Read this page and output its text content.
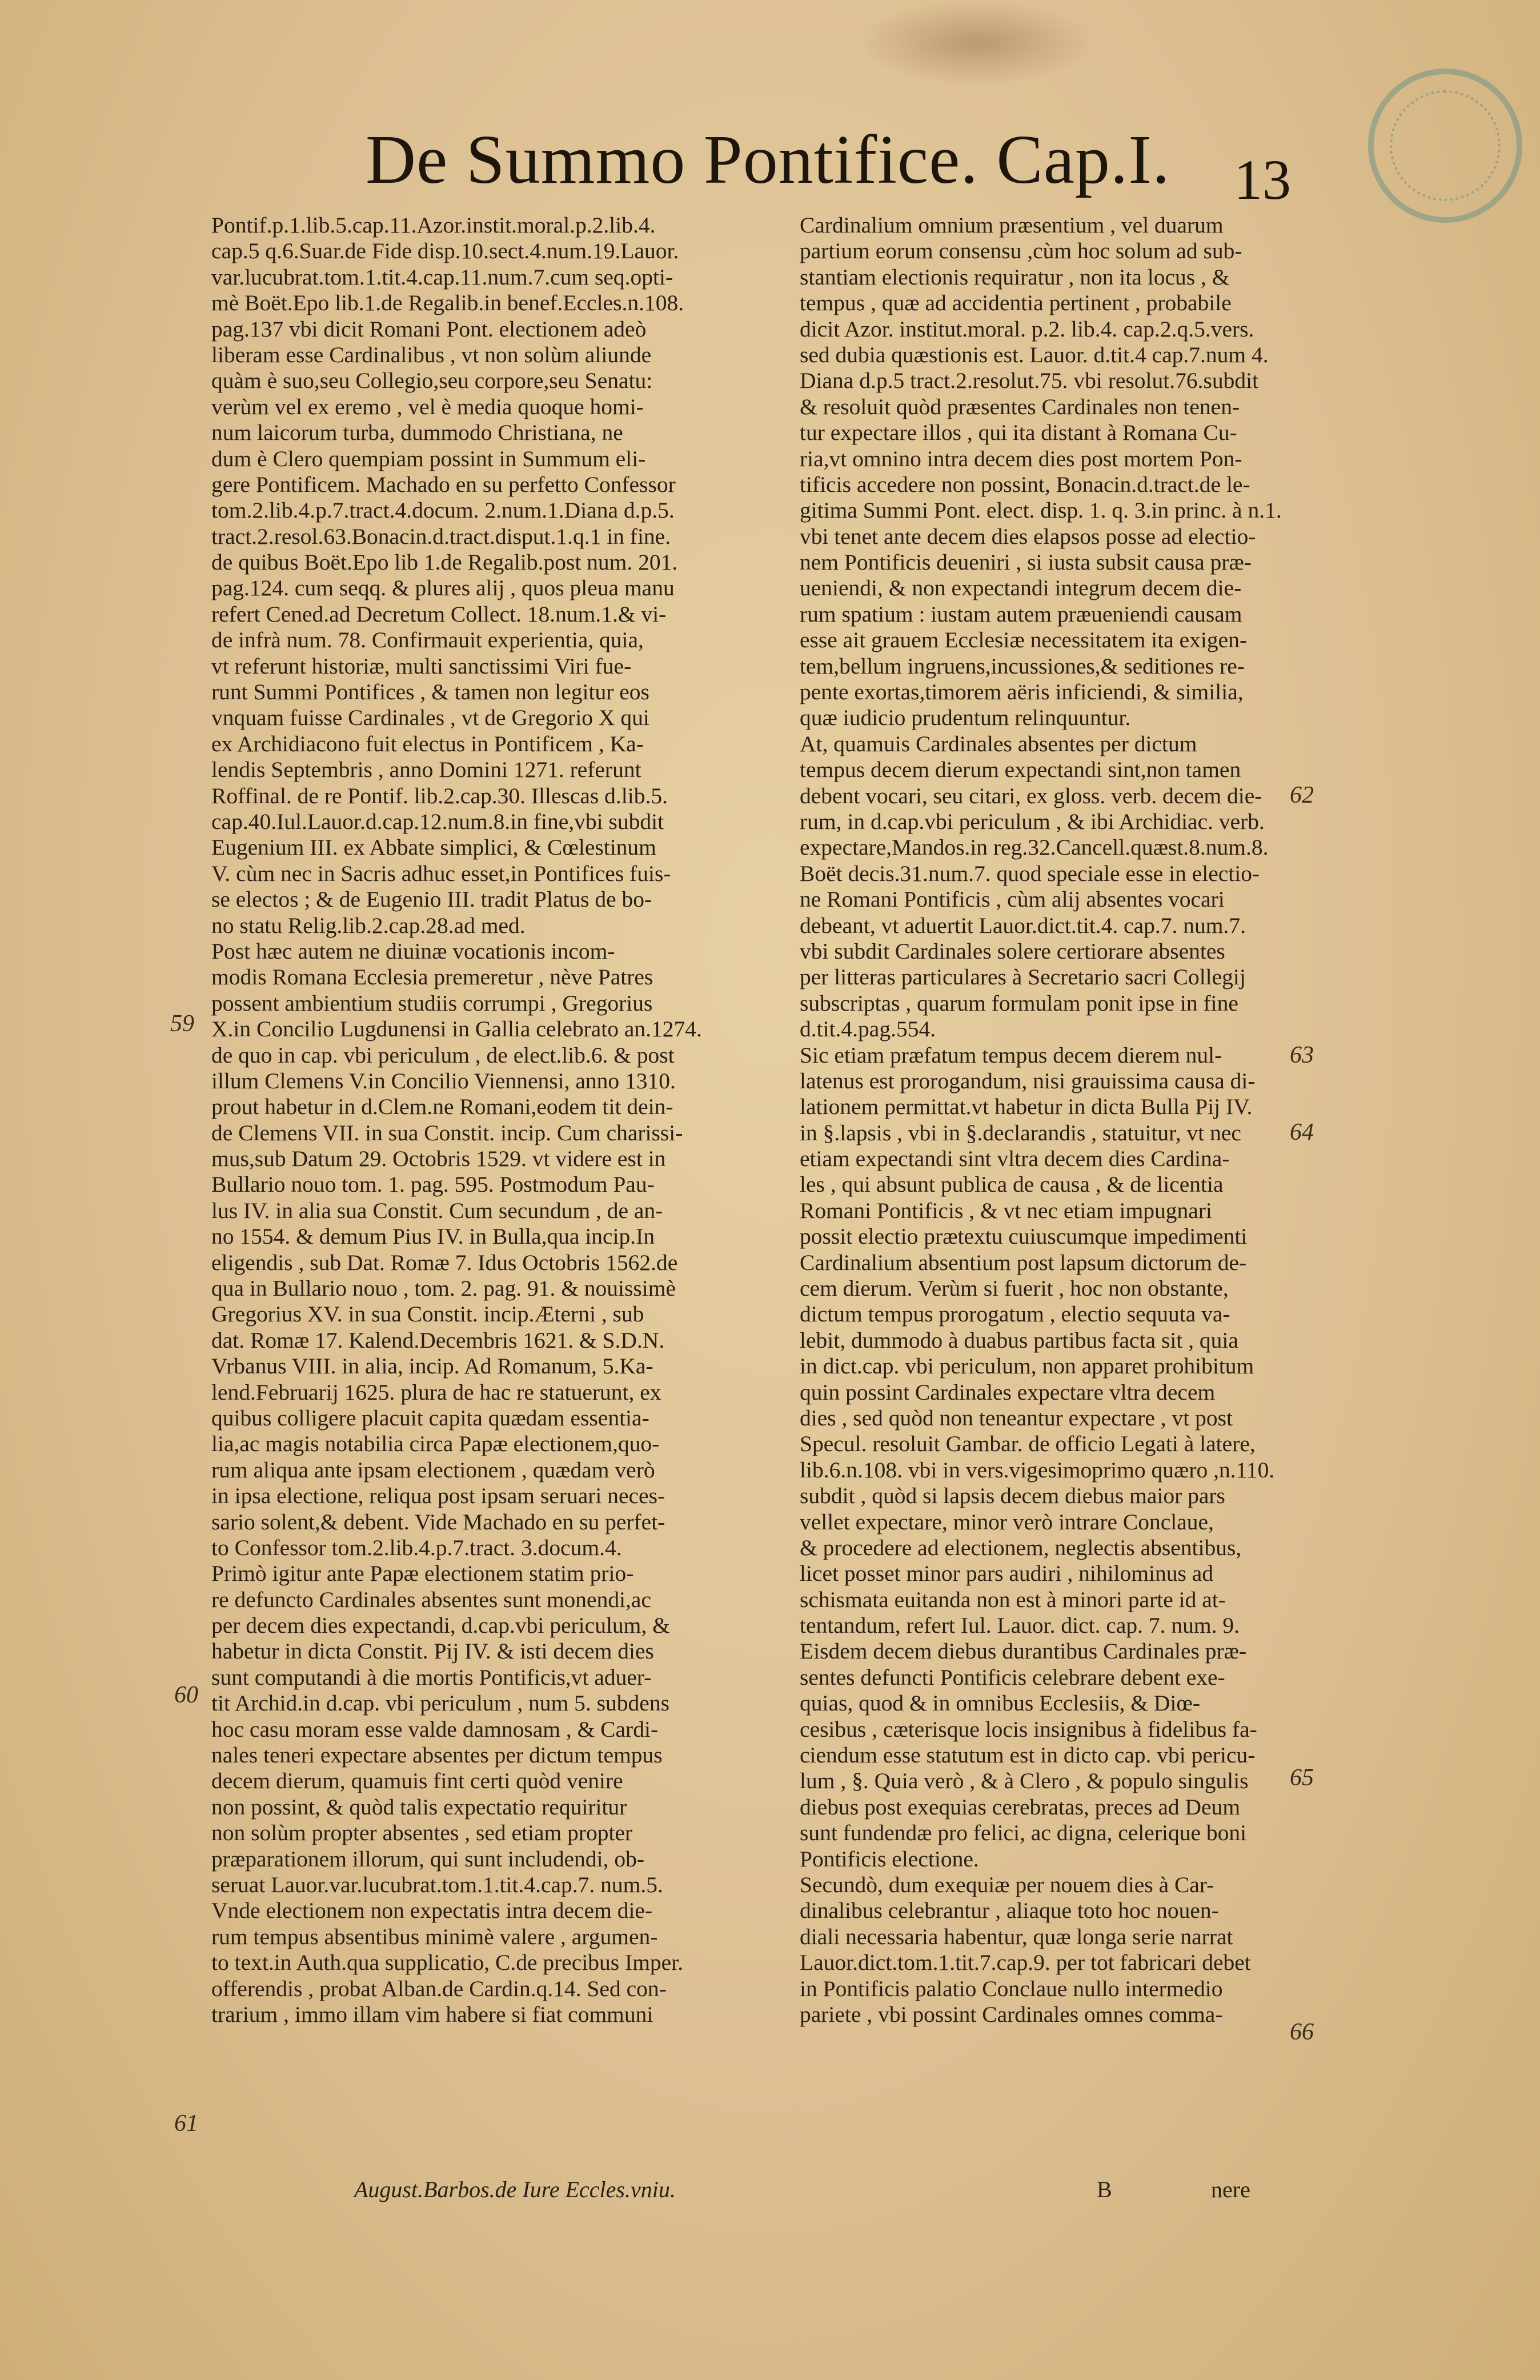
De Summo Pontifice. Cap.I.	13
Pontif.p.1.lib.5.cap.11.Azor.instit.moral.p.2.lib.4.
cap.5 q.6.Suar.de Fide disp.10.sect.4.num.19.Lauor.
var.lucubrat.tom.1.tit.4.cap.11.num.7.cum seq.opti-
mè Boët.Epo lib.1.de Regalib.in benef.Eccles.n.108.
pag.137 vbi dicit Romani Pont. electionem adeò
liberam esse Cardinalibus , vt non solùm aliunde
quàm è suo,seu Collegio,seu corpore,seu Senatu:
verùm vel ex eremo , vel è media quoque homi-
num laicorum turba, dummodo Christiana, ne
dum è Clero quempiam possint in Summum eli-
gere Pontificem. Machado en su perfetto Confessor
tom.2.lib.4.p.7.tract.4.docum. 2.num.1.Diana d.p.5.
tract.2.resol.63.Bonacin.d.tract.disput.1.q.1 in fine.
de quibus Boët.Epo lib 1.de Regalib.post num. 201.
pag.124. cum seqq. & plures alij , quos pleua manu
refert Cened.ad Decretum Collect. 18.num.1.& vi-
de infrà num. 78. Confirmauit experientia, quia,
vt referunt historiæ, multi sanctissimi Viri fue-
runt Summi Pontifices , & tamen non legitur eos
vnquam fuisse Cardinales , vt de Gregorio X qui
ex Archidiacono fuit electus in Pontificem , Ka-
lendis Septembris , anno Domini 1271. referunt
Roffinal. de re Pontif. lib.2.cap.30. Illescas d.lib.5.
cap.40.Iul.Lauor.d.cap.12.num.8.in fine,vbi subdit
Eugenium III. ex Abbate simplici, & Cœlestinum
V. cùm nec in Sacris adhuc esset,in Pontifices fuis-
se electos ; & de Eugenio III. tradit Platus de bo-
no statu Relig.lib.2.cap.28.ad med.
Post hæc autem ne diuinæ vocationis incom-
modis Romana Ecclesia premeretur , nève Patres
possent ambientium studiis corrumpi , Gregorius
X.in Concilio Lugdunensi in Gallia celebrato an.1274.
de quo in cap. vbi periculum , de elect.lib.6. & post
illum Clemens V.in Concilio Viennensi, anno 1310.
prout habetur in d.Clem.ne Romani,eodem tit dein-
de Clemens VII. in sua Constit. incip. Cum charissi-
mus,sub Datum 29. Octobris 1529. vt videre est in
Bullario nouo tom. 1. pag. 595. Postmodum Pau-
lus IV. in alia sua Constit. Cum secundum , de an-
no 1554. & demum Pius IV. in Bulla,qua incip.In
eligendis , sub Dat. Romæ 7. Idus Octobris 1562.de
qua in Bullario nouo , tom. 2. pag. 91. & nouissimè
Gregorius XV. in sua Constit. incip.Æterni , sub
dat. Romæ 17. Kalend.Decembris 1621. & S.D.N.
Vrbanus VIII. in alia, incip. Ad Romanum, 5.Ka-
lend.Februarij 1625. plura de hac re statuerunt, ex
quibus colligere placuit capita quædam essentia-
lia,ac magis notabilia circa Papæ electionem,quo-
rum aliqua ante ipsam electionem , quædam verò
in ipsa electione, reliqua post ipsam seruari neces-
sario solent,& debent. Vide Machado en su perfet-
to Confessor tom.2.lib.4.p.7.tract. 3.docum.4.
Primò igitur ante Papæ electionem statim prio-
re defuncto Cardinales absentes sunt monendi,ac
per decem dies expectandi, d.cap.vbi periculum, &
habetur in dicta Constit. Pij IV. & isti decem dies
sunt computandi à die mortis Pontificis,vt aduer-
tit Archid.in d.cap. vbi periculum , num 5. subdens
hoc casu moram esse valde damnosam , & Cardi-
nales teneri expectare absentes per dictum tempus
decem dierum, quamuis fint certi quòd venire
non possint, & quòd talis expectatio requiritur
non solùm propter absentes , sed etiam propter
præparationem illorum, qui sunt includendi, ob-
seruat Lauor.var.lucubrat.tom.1.tit.4.cap.7. num.5.
Vnde electionem non expectatis intra decem die-
rum tempus absentibus minimè valere , argumen-
to text.in Auth.qua supplicatio, C.de precibus Imper.
offerendis , probat Alban.de Cardin.q.14. Sed con-
trarium , immo illam vim habere si fiat communi
Cardinalium omnium præsentium , vel duarum
partium eorum consensu ,cùm hoc solum ad sub-
stantiam electionis requiratur , non ita locus , &
tempus , quæ ad accidentia pertinent , probabile
dicit Azor. institut.moral. p.2. lib.4. cap.2.q.5.vers.
sed dubia quæstionis est. Lauor. d.tit.4 cap.7.num 4.
Diana d.p.5 tract.2.resolut.75. vbi resolut.76.subdit
& resoluit quòd præsentes Cardinales non tenen-
tur expectare illos , qui ita distant à Romana Cu-
ria,vt omnino intra decem dies post mortem Pon-
tificis accedere non possint, Bonacin.d.tract.de le-
gitima Summi Pont. elect. disp. 1. q. 3.in princ. à n.1.
vbi tenet ante decem dies elapsos posse ad electio-
nem Pontificis deueniri , si iusta subsit causa præ-
ueniendi, & non expectandi integrum decem die-
rum spatium : iustam autem præueniendi causam
esse ait grauem Ecclesiæ necessitatem ita exigen-
tem,bellum ingruens,incussiones,& seditiones re-
pente exortas,timorem aëris inficiendi, & similia,
quæ iudicio prudentum relinquuntur.
At, quamuis Cardinales absentes per dictum
tempus decem dierum expectandi sint,non tamen
debent vocari, seu citari, ex gloss. verb. decem die-
rum, in d.cap.vbi periculum , & ibi Archidiac. verb.
expectare,Mandos.in reg.32.Cancell.quæst.8.num.8.
Boët decis.31.num.7. quod speciale esse in electio-
ne Romani Pontificis , cùm alij absentes vocari
debeant, vt aduertit Lauor.dict.tit.4. cap.7. num.7.
vbi subdit Cardinales solere certiorare absentes
per litteras particulares à Secretario sacri Collegij
subscriptas , quarum formulam ponit ipse in fine
d.tit.4.pag.554.
Sic etiam præfatum tempus decem dierem nul-
latenus est prorogandum, nisi grauissima causa di-
lationem permittat.vt habetur in dicta Bulla Pij IV.
in §.lapsis , vbi in §.declarandis , statuitur, vt nec
etiam expectandi sint vltra decem dies Cardina-
les , qui absunt publica de causa , & de licentia
Romani Pontificis , & vt nec etiam impugnari
possit electio prætextu cuiuscumque impedimenti
Cardinalium absentium post lapsum dictorum de-
cem dierum. Verùm si fuerit , hoc non obstante,
dictum tempus prorogatum , electio sequuta va-
lebit, dummodo à duabus partibus facta sit , quia
in dict.cap. vbi periculum, non apparet prohibitum
quin possint Cardinales expectare vltra decem
dies , sed quòd non teneantur expectare , vt post
Specul. resoluit Gambar. de officio Legati à latere,
lib.6.n.108. vbi in vers.vigesimoprimo quæro ,n.110.
subdit , quòd si lapsis decem diebus maior pars
vellet expectare, minor verò intrare Conclaue,
& procedere ad electionem, neglectis absentibus,
licet posset minor pars audiri , nihilominus ad
schismata euitanda non est à minori parte id at-
tentandum, refert Iul. Lauor. dict. cap. 7. num. 9.
Eisdem decem diebus durantibus Cardinales præ-
sentes defuncti Pontificis celebrare debent exe-
quias, quod & in omnibus Ecclesiis, & Diœ-
cesibus , cæterisque locis insignibus à fidelibus fa-
ciendum esse statutum est in dicto cap. vbi pericu-
lum , §. Quia verò , & à Clero , & populo singulis
diebus post exequias cerebratas, preces ad Deum
sunt fundendæ pro felici, ac digna, celerique boni
Pontificis electione.
Secundò, dum exequiæ per nouem dies à Car-
dinalibus celebrantur , aliaque toto hoc nouen-
diali necessaria habentur, quæ longa serie narrat
Lauor.dict.tom.1.tit.7.cap.9. per tot fabricari debet
in Pontificis palatio Conclaue nullo intermedio
pariete , vbi possint Cardinales omnes comma-
59
60
61
62
63
64
65
66
August.Barbos.de Iure Eccles.vniu.	B	nere
